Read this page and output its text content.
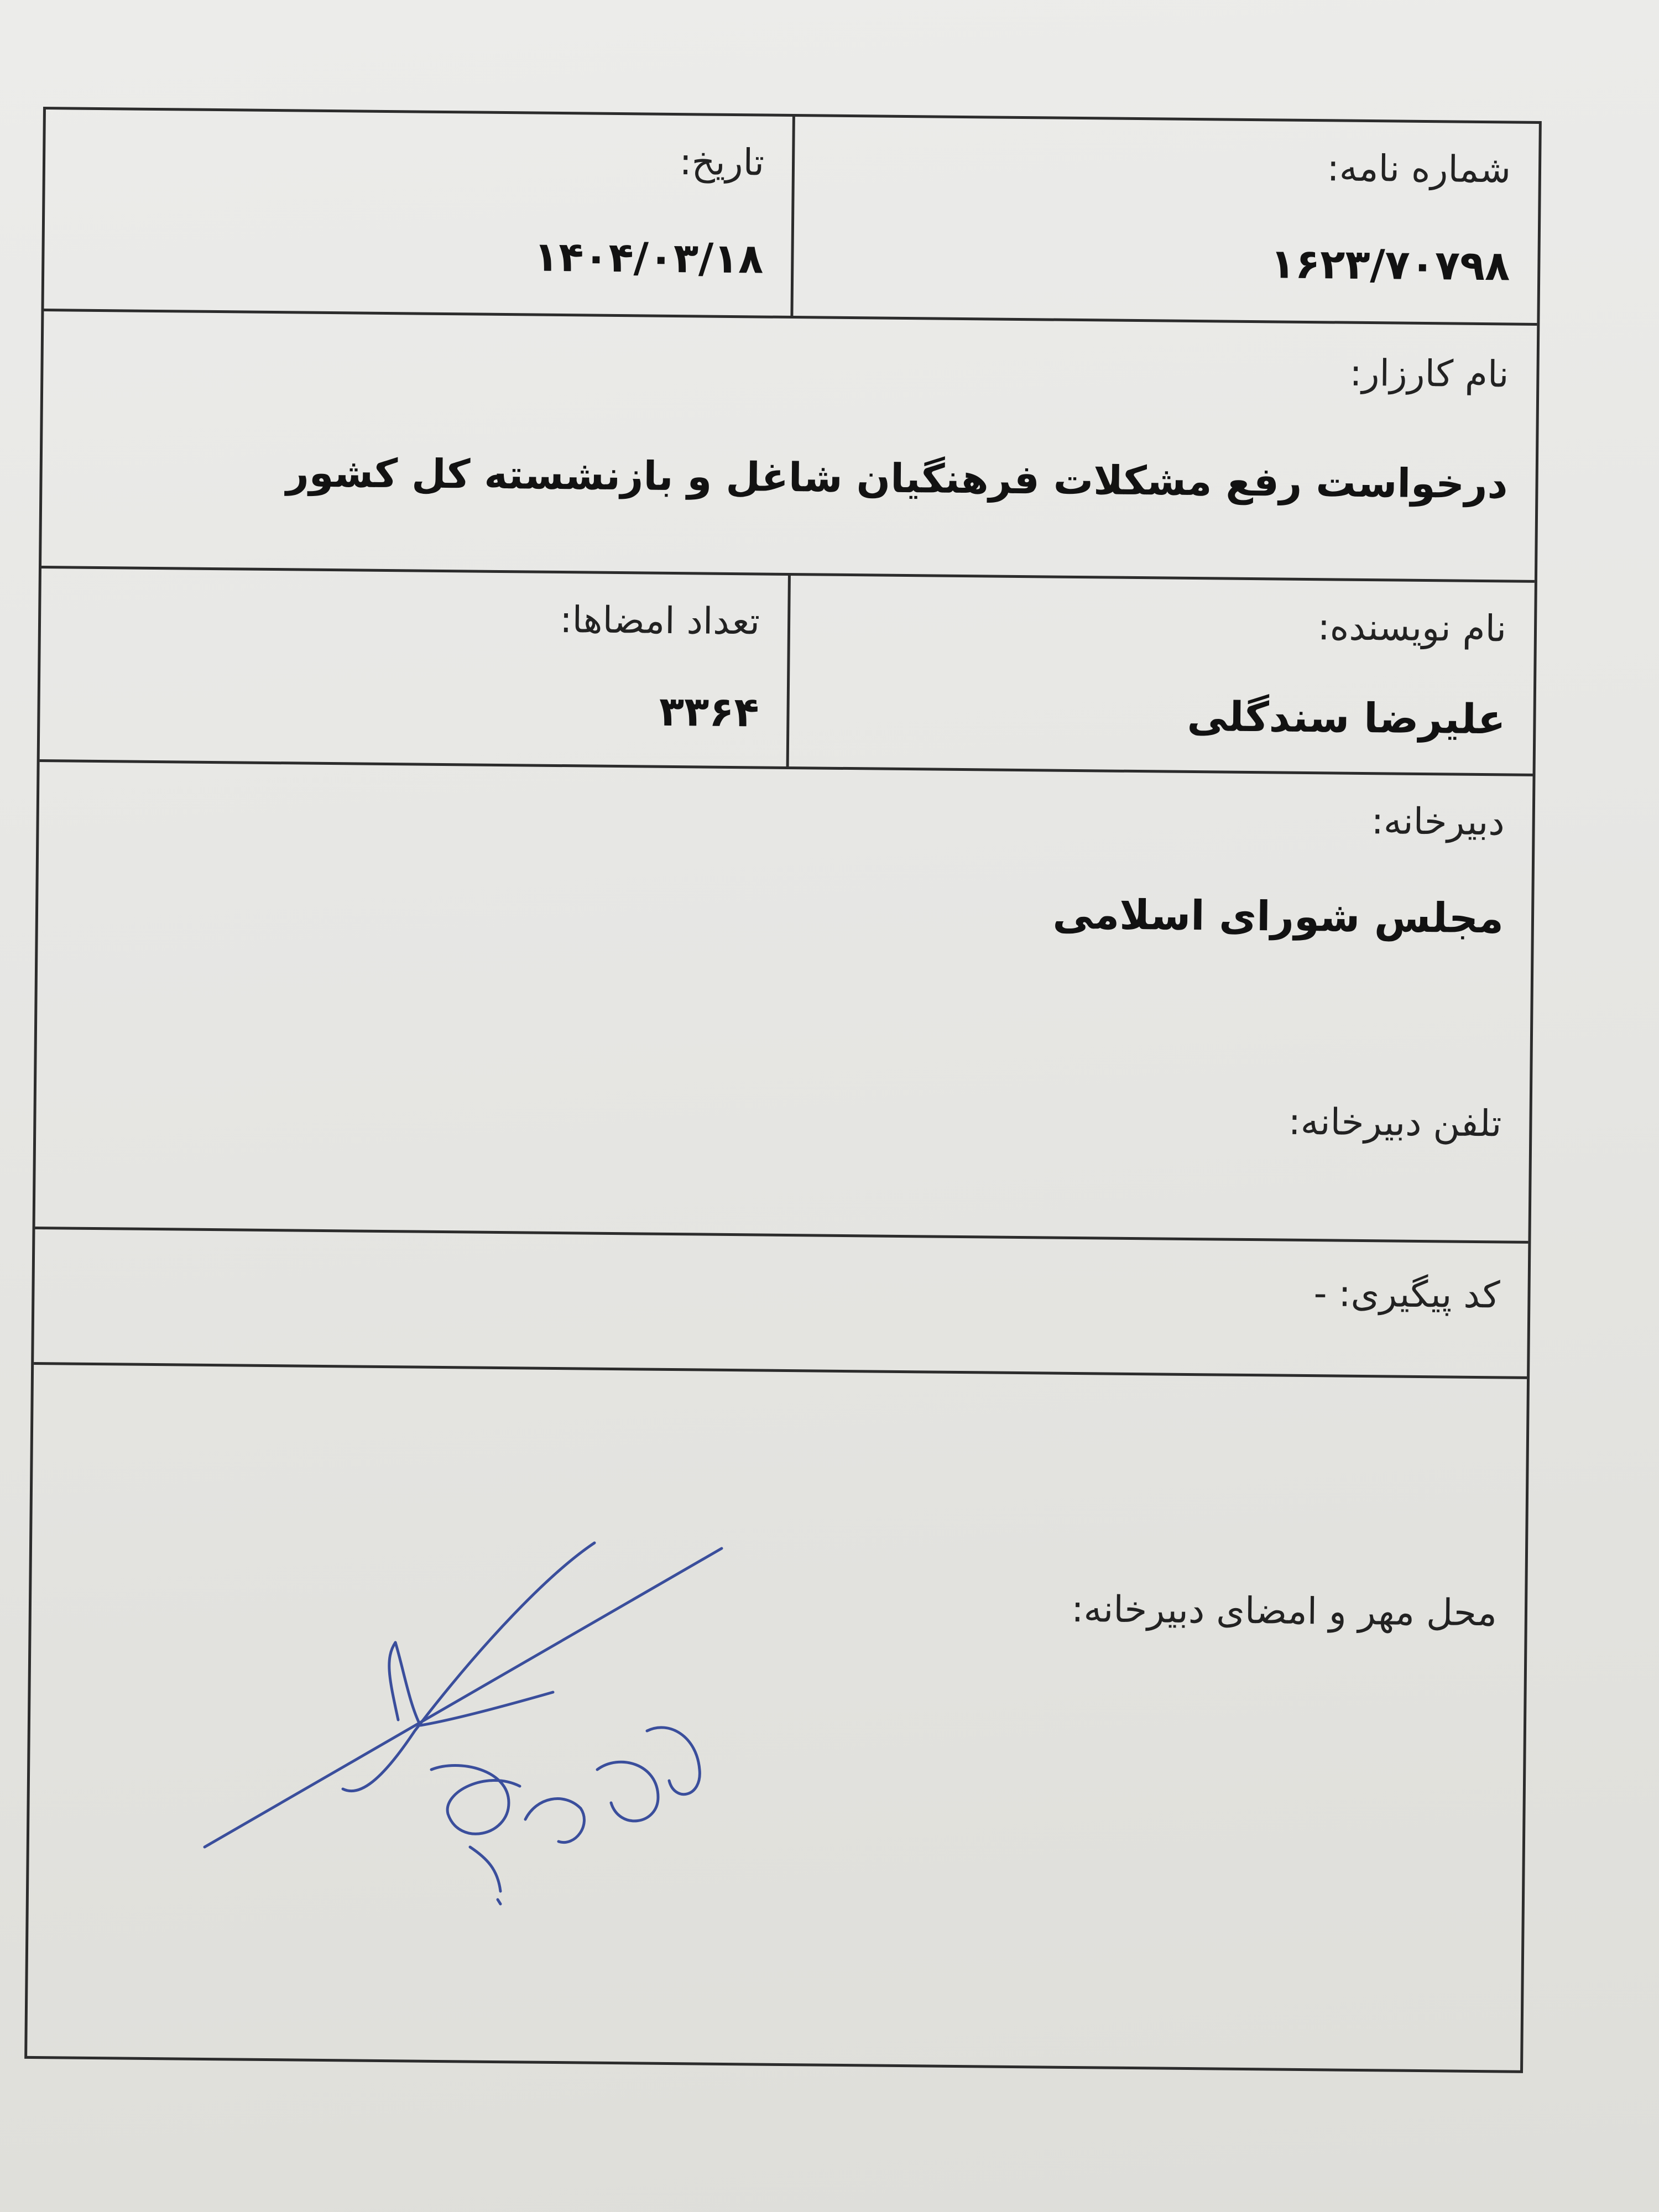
شماره نامه:
۱۶۲۳/۷۰۷۹۸
تاریخ:
۱۴۰۴/۰۳/۱۸
نام کارزار:
درخواست رفع مشکلات فرهنگیان شاغل و بازنشسته کل کشور
نام نویسنده:
علیرضا سندگلی
تعداد امضاها:
۳۳۶۴
دبیرخانه:
مجلس شورای اسلامی
تلفن دبیرخانه:
کد پیگیری: -
محل مهر و امضای دبیرخانه:
